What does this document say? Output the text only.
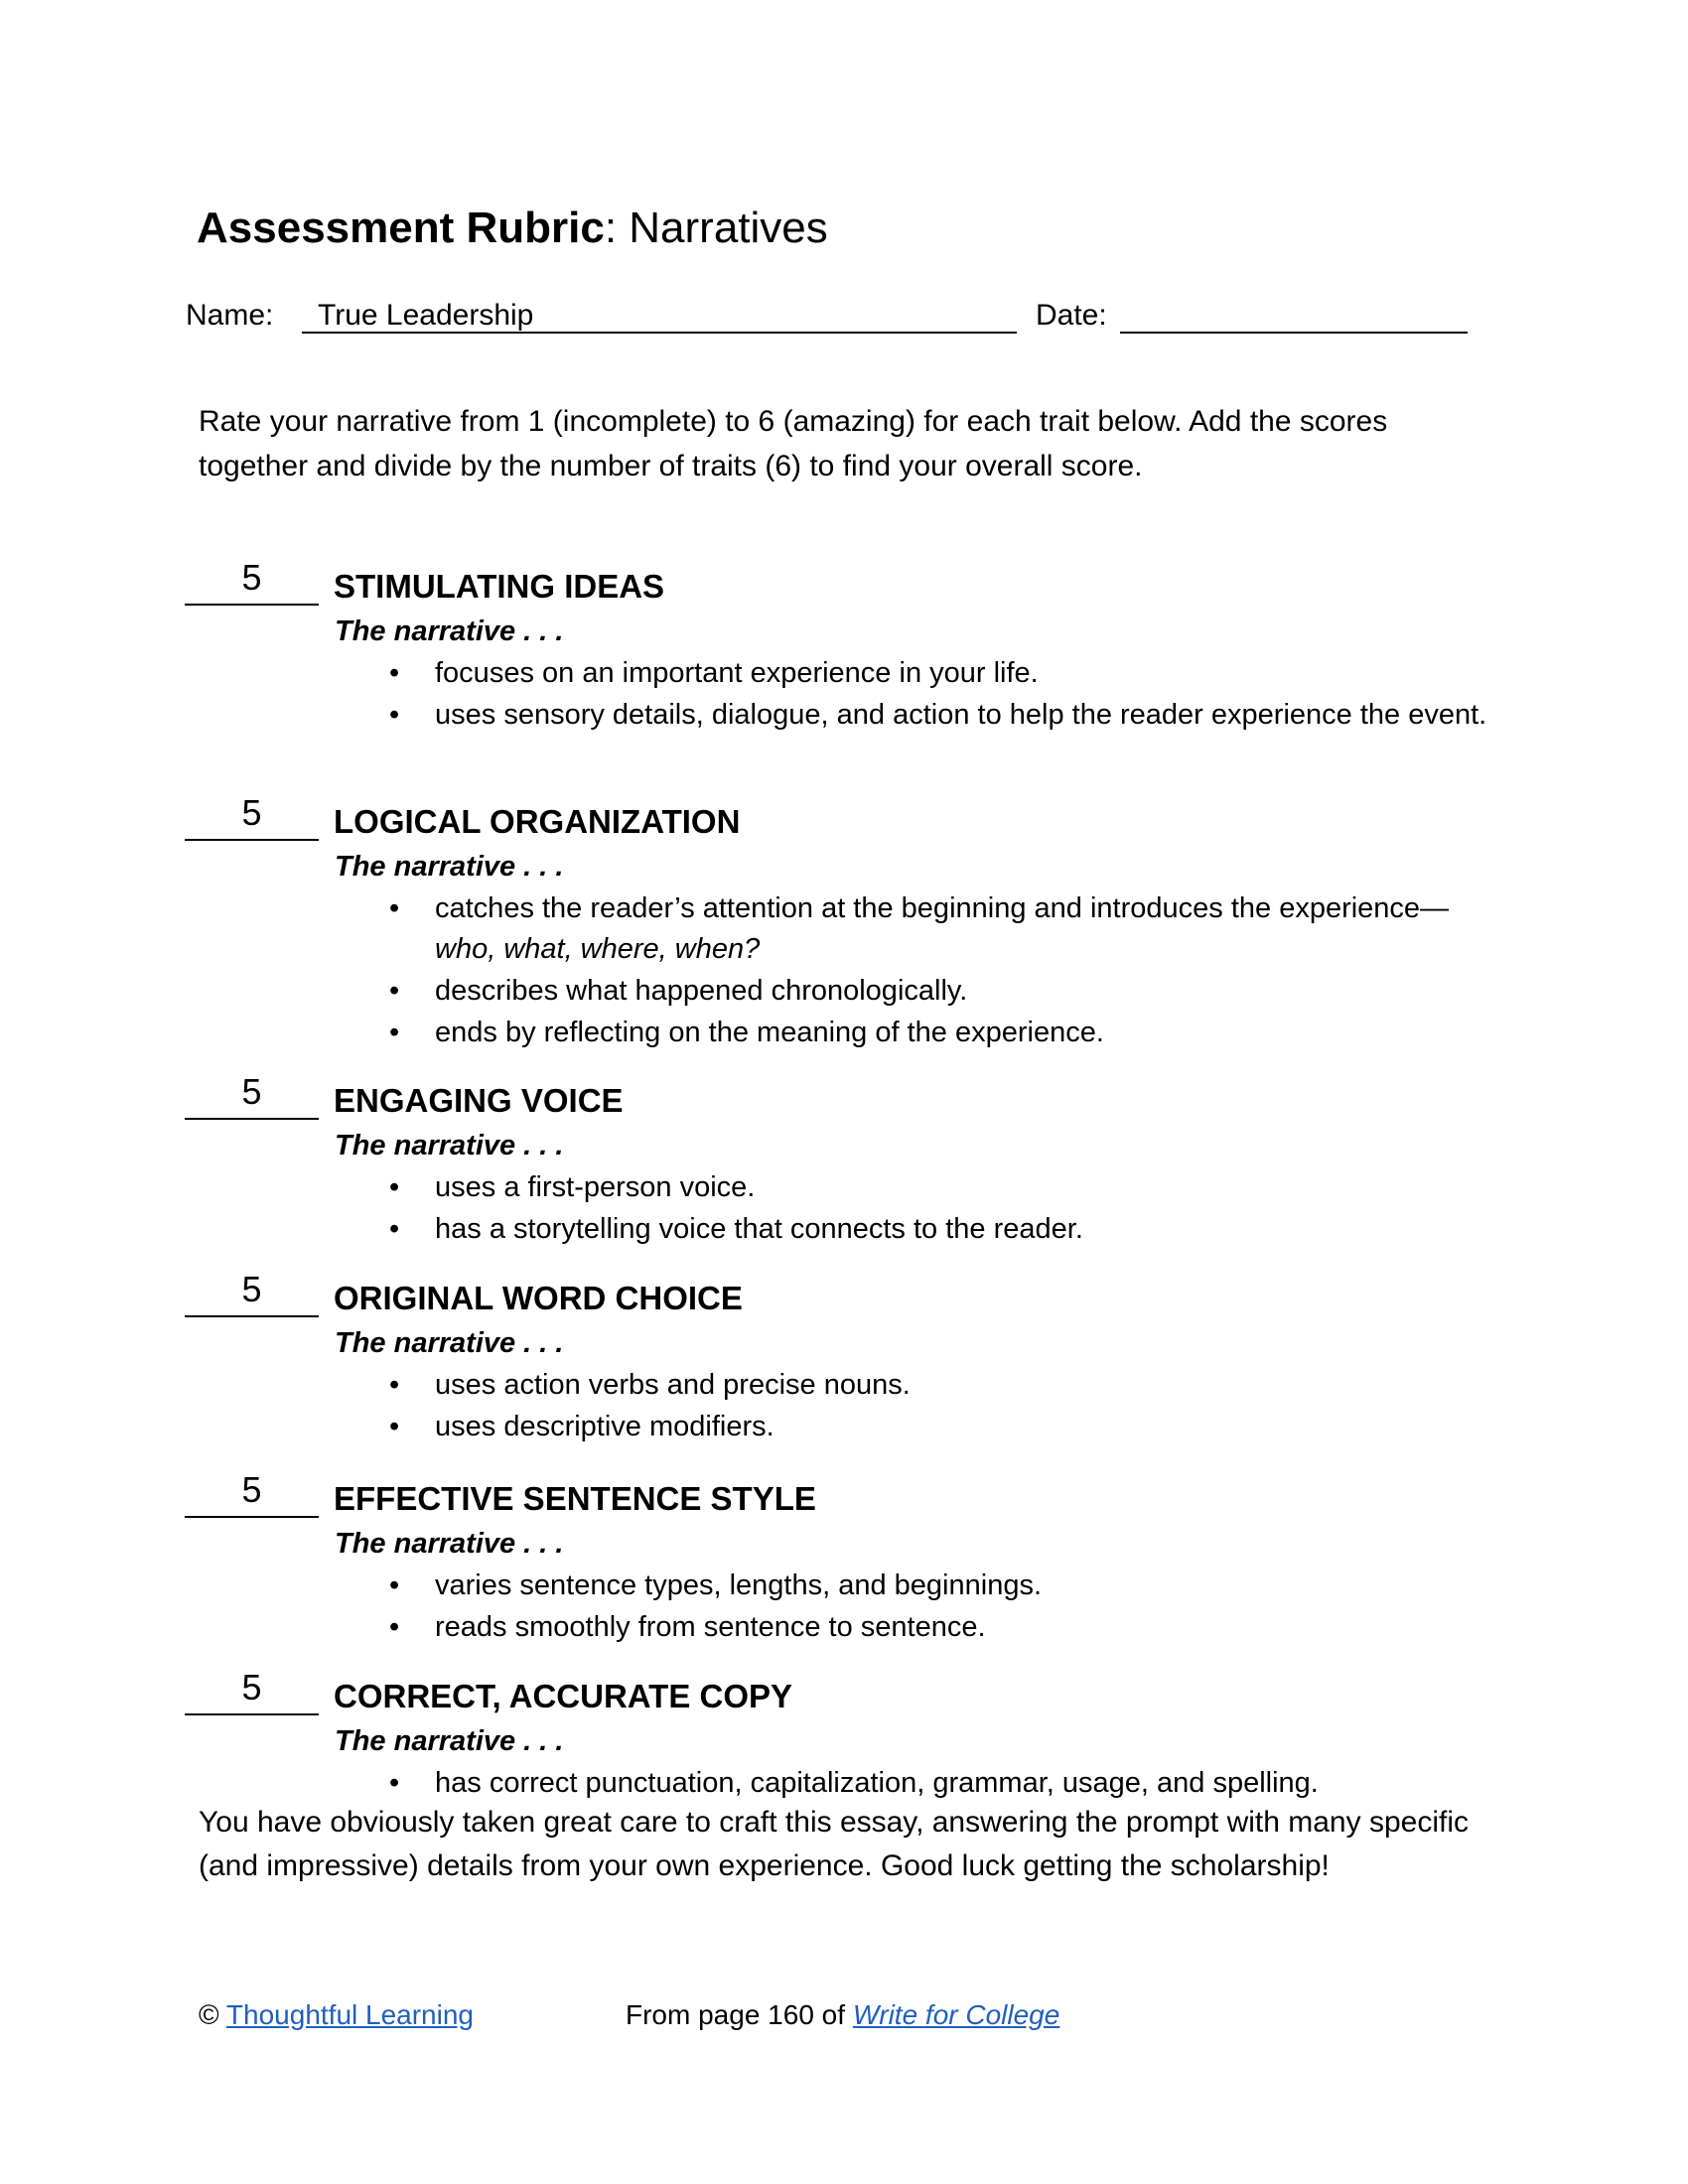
Assessment Rubric: Narratives
Name:	True Leadership	Date:
Rate your narrative from 1 (incomplete) to 6 (amazing) for each trait below. Add the scores together and divide by the number of traits (6) to find your overall score.
5	STIMULATING IDEAS
The narrative . . .
• focuses on an important experience in your life.
• uses sensory details, dialogue, and action to help the reader experience the event.
5	LOGICAL ORGANIZATION
The narrative . . .
• catches the reader’s attention at the beginning and introduces the experience—who, what, where, when?
• describes what happened chronologically.
• ends by reflecting on the meaning of the experience.
5	ENGAGING VOICE
The narrative . . .
• uses a first-person voice.
• has a storytelling voice that connects to the reader.
5	ORIGINAL WORD CHOICE
The narrative . . .
• uses action verbs and precise nouns.
• uses descriptive modifiers.
5	EFFECTIVE SENTENCE STYLE
The narrative . . .
• varies sentence types, lengths, and beginnings.
• reads smoothly from sentence to sentence.
5	CORRECT, ACCURATE COPY
The narrative . . .
• has correct punctuation, capitalization, grammar, usage, and spelling.
You have obviously taken great care to craft this essay, answering the prompt with many specific (and impressive) details from your own experience. Good luck getting the scholarship!
© Thoughtful Learning	From page 160 of Write for College
